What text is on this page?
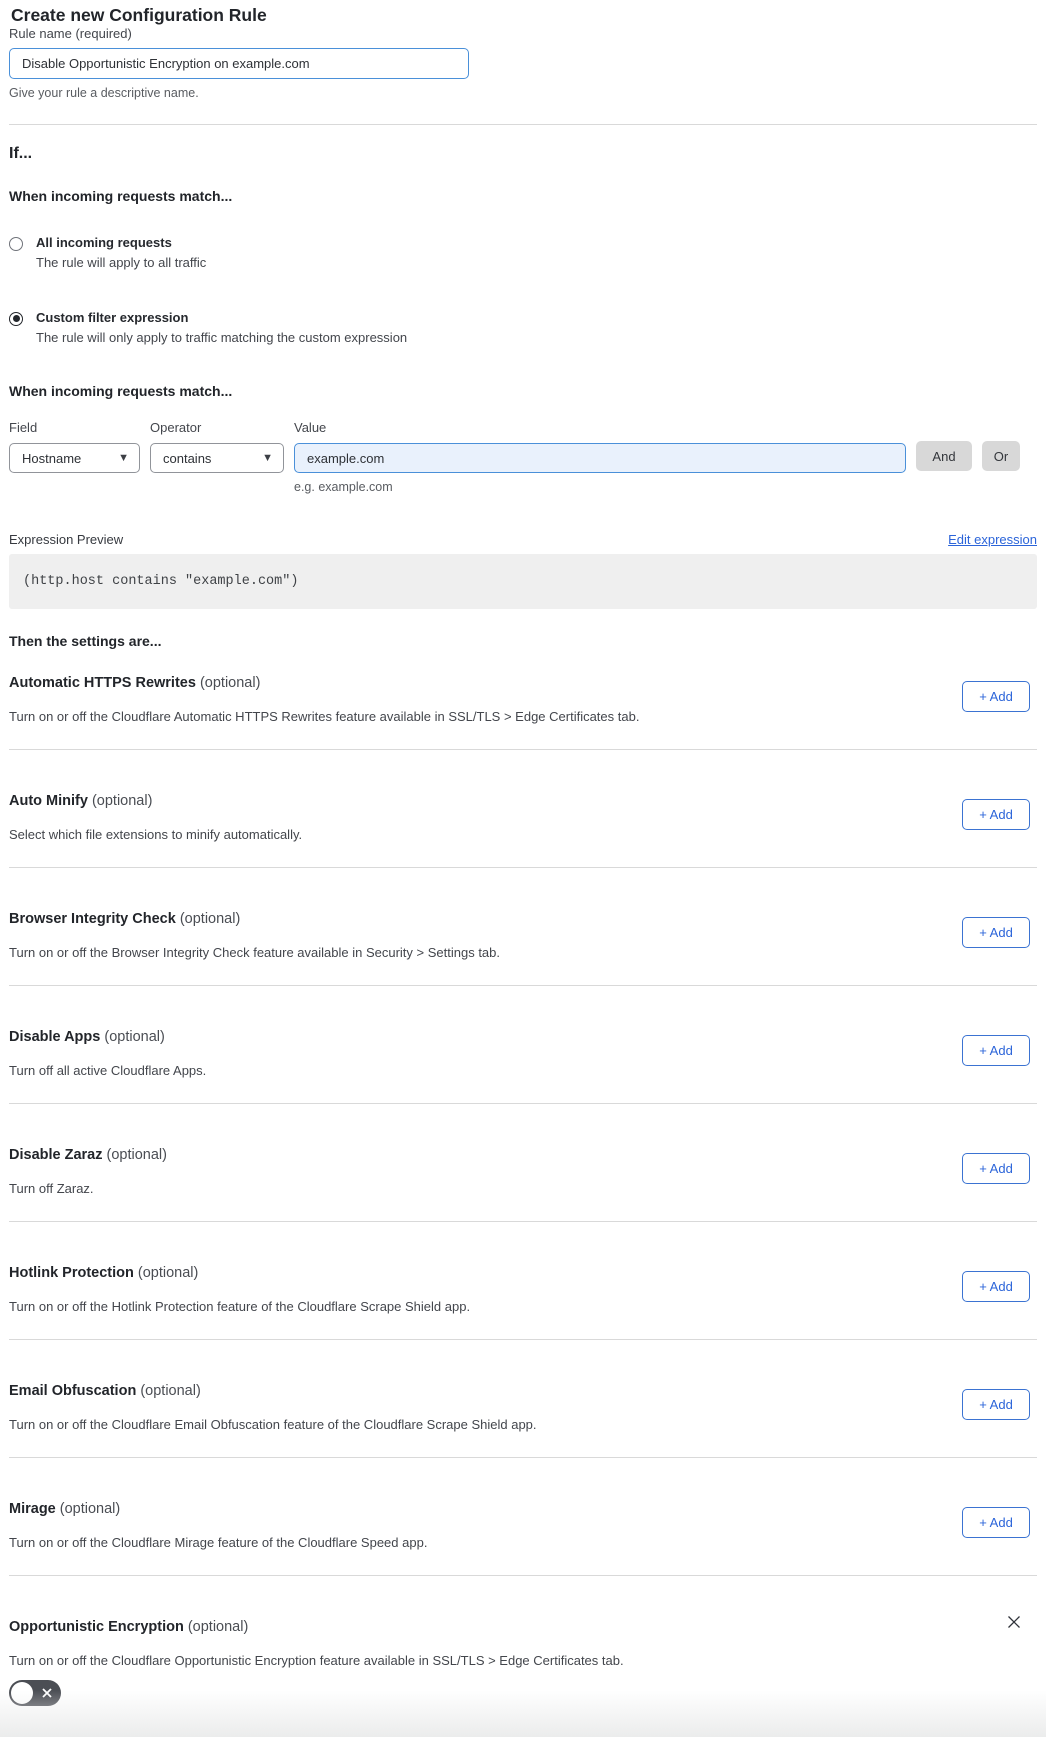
Create new Configuration Rule
Rule name (required)
Disable Opportunistic Encryption on example.com
Give your rule a descriptive name.
If...
When incoming requests match...
All incoming requests
The rule will apply to all traffic
Custom filter expression
The rule will only apply to traffic matching the custom expression
When incoming requests match...
Field
Hostname	▼
Operator
contains	▼
Value
example.com
e.g. example.com
And	Or
Expression Preview	Edit expression
(http.host contains "example.com")
Then the settings are...
Automatic HTTPS Rewrites (optional)

Turn on or off the Cloudflare Automatic HTTPS Rewrites feature available in SSL/TLS > Edge Certificates tab.

+ Add
Auto Minify (optional)

Select which file extensions to minify automatically.

+ Add
Browser Integrity Check (optional)

Turn on or off the Browser Integrity Check feature available in Security > Settings tab.

+ Add
Disable Apps (optional)

Turn off all active Cloudflare Apps.

+ Add
Disable Zaraz (optional)

Turn off Zaraz.

+ Add
Hotlink Protection (optional)

Turn on or off the Hotlink Protection feature of the Cloudflare Scrape Shield app.

+ Add
Email Obfuscation (optional)

Turn on or off the Cloudflare Email Obfuscation feature of the Cloudflare Scrape Shield app.

+ Add
Mirage (optional)

Turn on or off the Cloudflare Mirage feature of the Cloudflare Speed app.

+ Add
Opportunistic Encryption (optional)

Turn on or off the Cloudflare Opportunistic Encryption feature available in SSL/TLS > Edge Certificates tab.
